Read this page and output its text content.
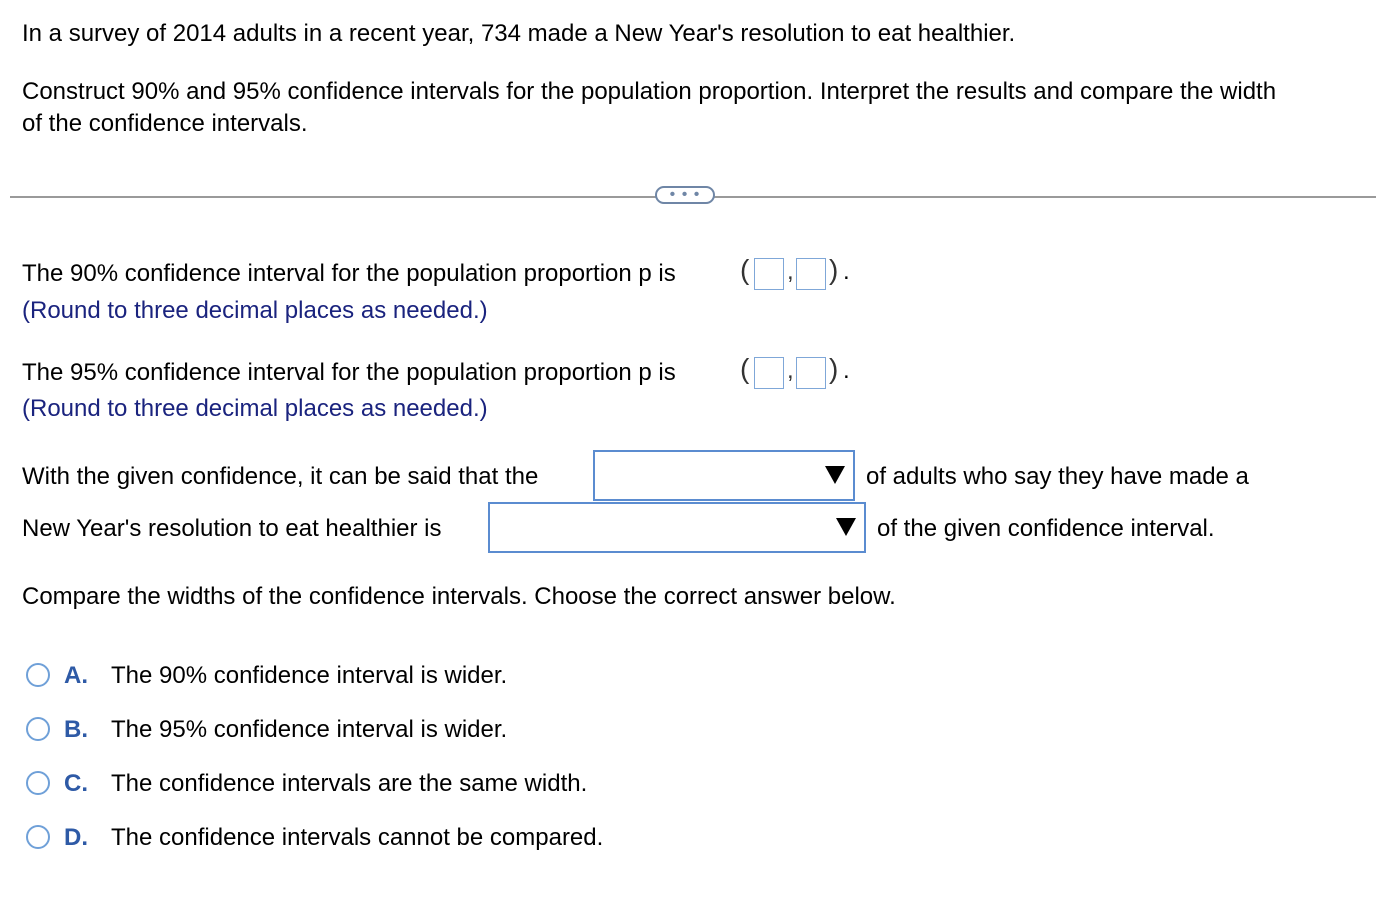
In a survey of 2014 adults in a recent year, 734 made a New Year's resolution to eat healthier.
Construct 90% and 95% confidence intervals for the population proportion. Interpret the results and compare the width
of the confidence intervals.
• • •
The 90% confidence interval for the population proportion p is ( , ) .
(Round to three decimal places as needed.)
The 95% confidence interval for the population proportion p is ( , ) .
(Round to three decimal places as needed.)
With the given confidence, it can be said that the	of adults who say they have made a
New Year's resolution to eat healthier is	of the given confidence interval.
Compare the widths of the confidence intervals. Choose the correct answer below.
A. The 90% confidence interval is wider.
B. The 95% confidence interval is wider.
C. The confidence intervals are the same width.
D. The confidence intervals cannot be compared.
